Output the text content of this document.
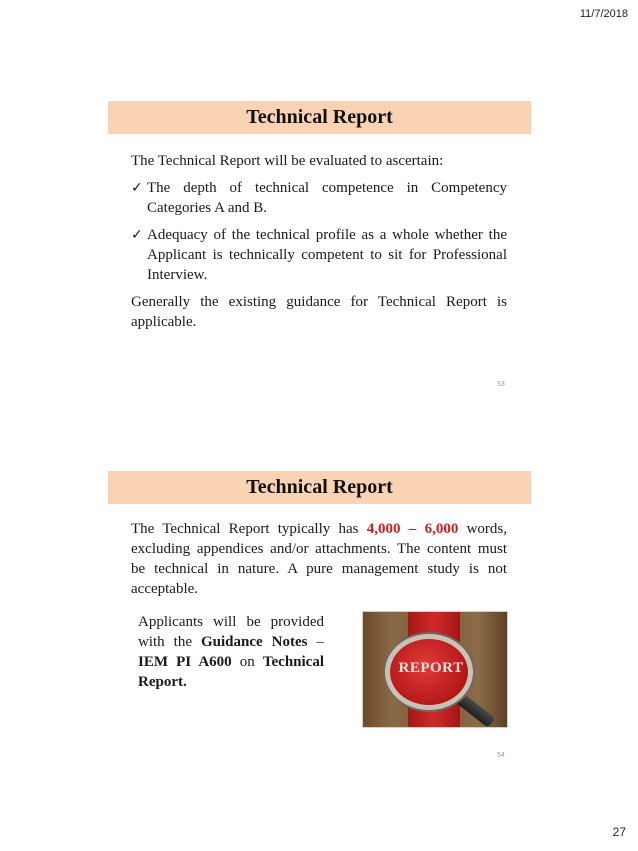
11/7/2018
Technical Report

The Technical Report will be evaluated to ascertain:

✓ The depth of technical competence in Competency Categories A and B.
✓ Adequacy of the technical profile as a whole whether the Applicant is technically competent to sit for Professional Interview.

Generally the existing guidance for Technical Report is applicable.

53
Technical Report

The Technical Report typically has 4,000 – 6,000 words, excluding appendices and/or attachments. The content must be technical in nature. A pure management study is not acceptable.

Applicants will be provided with the Guidance Notes – IEM PI A600 on Technical Report.
REPORT
54
27
